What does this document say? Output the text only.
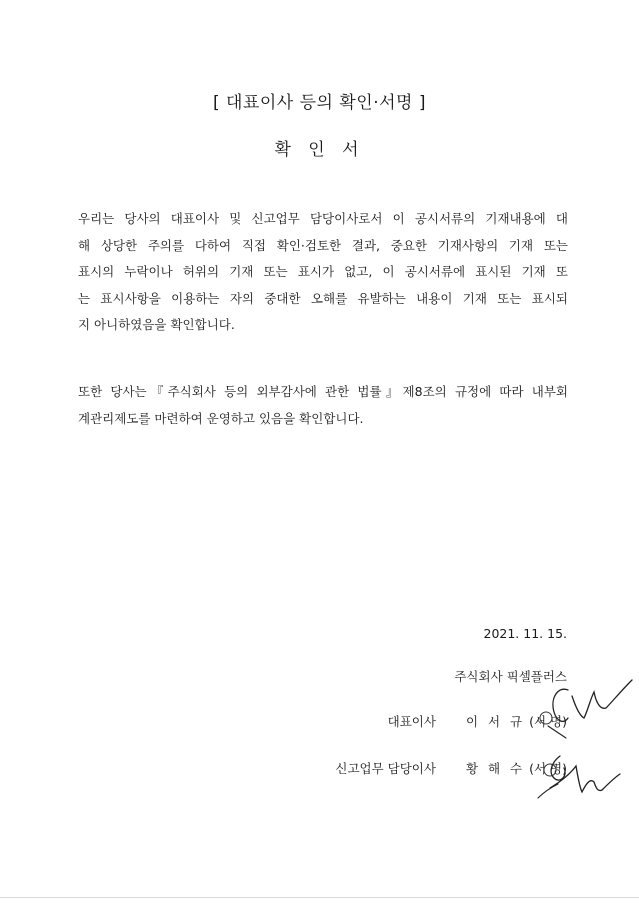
[ 대표이사 등의 확인·서명 ]
확 인 서

우리는 당사의 대표이사 및 신고업무 담당이사로서 이 공시서류의 기재내용에 대
해 상당한 주의를 다하여 직접 확인·검토한 결과, 중요한 기재사항의 기재 또는
표시의 누락이나 허위의 기재 또는 표시가 없고, 이 공시서류에 표시된 기재 또
는 표시사항을 이용하는 자의 중대한 오해를 유발하는 내용이 기재 또는 표시되
지 아니하였음을 확인합니다.

또한 당사는『주식회사 등의 외부감사에 관한 법률』제8조의 규정에 따라 내부회
계관리제도를 마련하여 운영하고 있음을 확인합니다.

2021. 11. 15.
주식회사 픽셀플러스
대표이사 이 서 규 (서 명)
신고업무 담당이사 황 해 수 (서 명)
